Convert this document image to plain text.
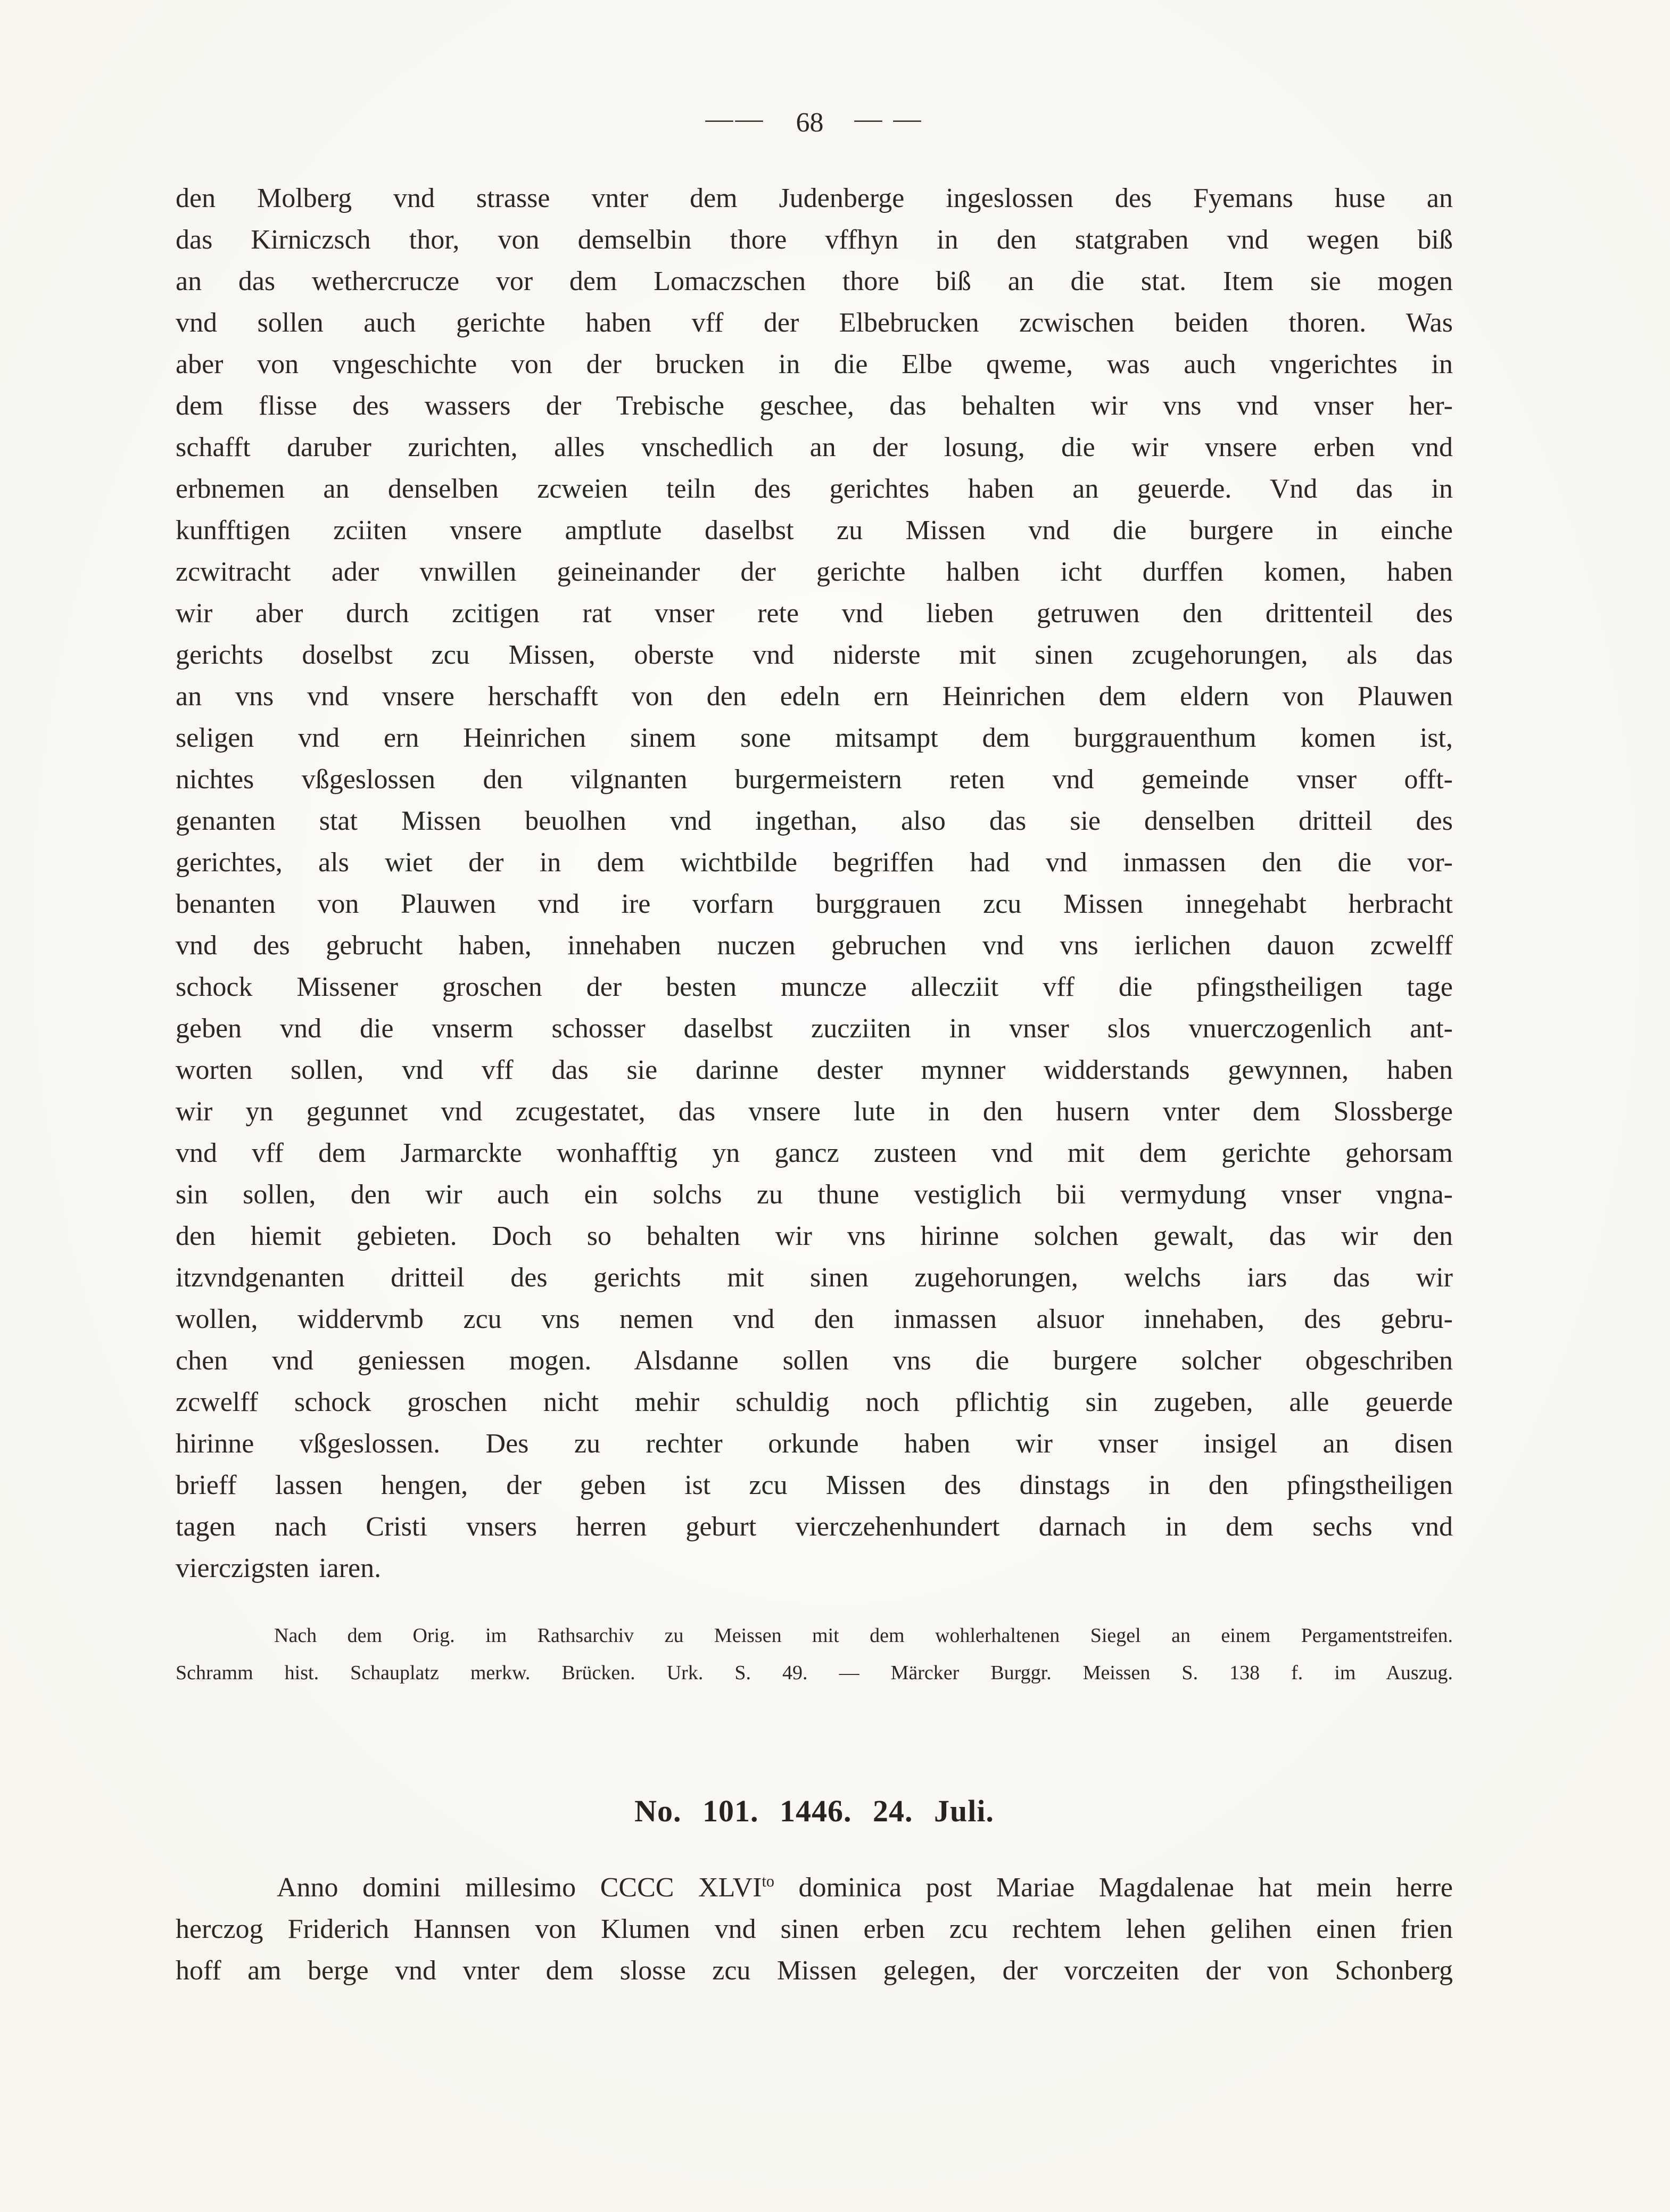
—— 68 — —
den Molberg vnd strasse vnter dem Judenberge ingeslossen des Fyemans huse an
das Kirniczsch thor, von demselbin thore vffhyn in den statgraben vnd wegen biß
an das wethercrucze vor dem Lomaczschen thore biß an die stat. Item sie mogen
vnd sollen auch gerichte haben vff der Elbebrucken zcwischen beiden thoren. Was
aber von vngeschichte von der brucken in die Elbe qweme, was auch vngerichtes in
dem flisse des wassers der Trebische geschee, das behalten wir vns vnd vnser her-
schafft daruber zurichten, alles vnschedlich an der losung, die wir vnsere erben vnd
erbnemen an denselben zcweien teiln des gerichtes haben an geuerde. Vnd das in
kunfftigen zciiten vnsere amptlute daselbst zu Missen vnd die burgere in einche
zcwitracht ader vnwillen geineinander der gerichte halben icht durffen komen, haben
wir aber durch zcitigen rat vnser rete vnd lieben getruwen den drittenteil des
gerichts doselbst zcu Missen, oberste vnd niderste mit sinen zcugehorungen, als das
an vns vnd vnsere herschafft von den edeln ern Heinrichen dem eldern von Plauwen
seligen vnd ern Heinrichen sinem sone mitsampt dem burggrauenthum komen ist,
nichtes vßgeslossen den vilgnanten burgermeistern reten vnd gemeinde vnser offt-
genanten stat Missen beuolhen vnd ingethan, also das sie denselben dritteil des
gerichtes, als wiet der in dem wichtbilde begriffen had vnd inmassen den die vor-
benanten von Plauwen vnd ire vorfarn burggrauen zcu Missen innegehabt herbracht
vnd des gebrucht haben, innehaben nuczen gebruchen vnd vns ierlichen dauon zcwelff
schock Missener groschen der besten muncze allecziit vff die pfingstheiligen tage
geben vnd die vnserm schosser daselbst zucziiten in vnser slos vnuerczogenlich ant-
worten sollen, vnd vff das sie darinne dester mynner widderstands gewynnen, haben
wir yn gegunnet vnd zcugestatet, das vnsere lute in den husern vnter dem Slossberge
vnd vff dem Jarmarckte wonhafftig yn gancz zusteen vnd mit dem gerichte gehorsam
sin sollen, den wir auch ein solchs zu thune vestiglich bii vermydung vnser vngna-
den hiemit gebieten. Doch so behalten wir vns hirinne solchen gewalt, das wir den
itzvndgenanten dritteil des gerichts mit sinen zugehorungen, welchs iars das wir
wollen, widdervmb zcu vns nemen vnd den inmassen alsuor innehaben, des gebru-
chen vnd geniessen mogen. Alsdanne sollen vns die burgere solcher obgeschriben
zcwelff schock groschen nicht mehir schuldig noch pflichtig sin zugeben, alle geuerde
hirinne vßgeslossen. Des zu rechter orkunde haben wir vnser insigel an disen
brieff lassen hengen, der geben ist zcu Missen des dinstags in den pfingstheiligen
tagen nach Cristi vnsers herren geburt vierczehenhundert darnach in dem sechs vnd
vierczigsten iaren.
Nach dem Orig. im Rathsarchiv zu Meissen mit dem wohlerhaltenen Siegel an einem Pergamentstreifen.
Schramm hist. Schauplatz merkw. Brücken. Urk. S. 49. — Märcker Burggr. Meissen S. 138 f. im Auszug.
No. 101. 1446. 24. Juli.
Anno domini millesimo CCCC $XLVI^{to}$ dominica post Mariae Magdalenae hat mein herre
herczog Friderich Hannsen von Klumen vnd sinen erben zcu rechtem lehen gelihen einen frien
hoff am berge vnd vnter dem slosse zcu Missen gelegen, der vorczeiten der von Schonberg
